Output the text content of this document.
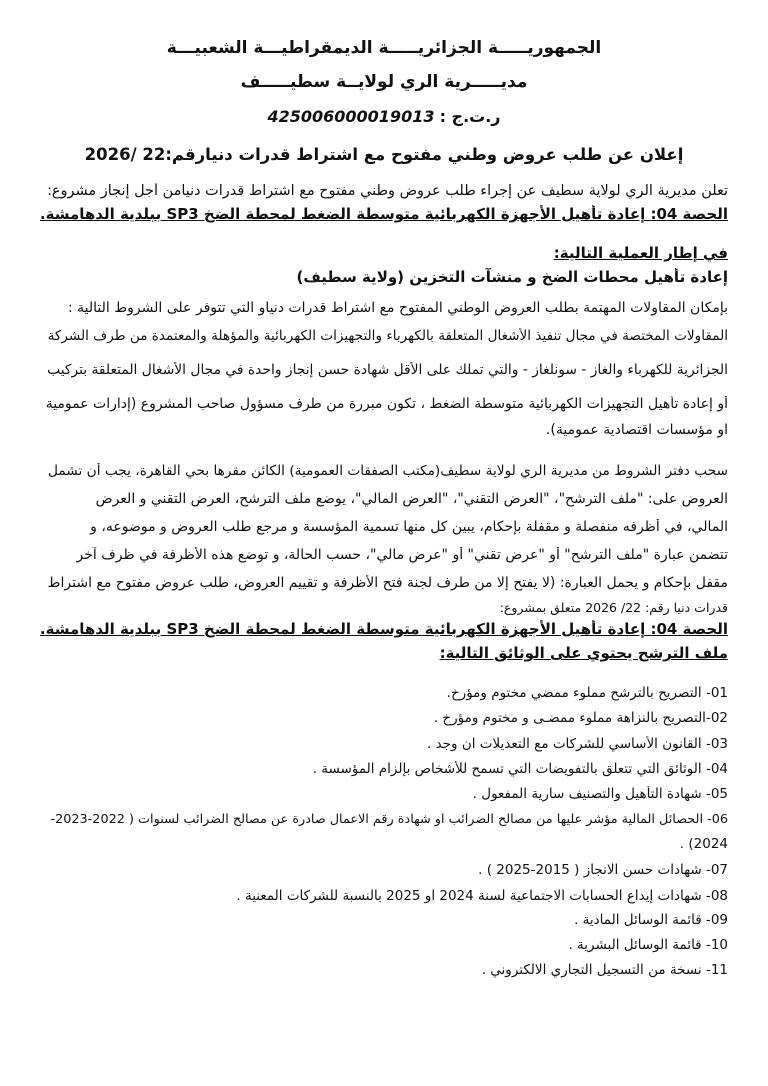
الجمهوريـــــة الجزائريـــــة الديمقراطيـــة الشعبيـــة
مديـــــرية الري لولايــة سطيـــــف
ر.ت.ج : 425006000019013
إعلان عن طلب عروض وطني مفتوح مع اشتراط قدرات دنيارقم:22 /2026
تعلن مديرية الري لولاية سطيف عن إجراء طلب عروض وطني مفتوح مع اشتراط قدرات دنيامن أجل إنجاز مشروع:
الحصة 04: إعادة تأهيل الأجهزة الكهربائية متوسطة الضغط لمحطة الضخ SP3 ببلدية الدهامشة.
في إطار العملية التالية:
إعادة تأهيل محطات الضخ و منشآت التخزين (ولاية سطيف)
بإمكان المقاولات المهتمة بطلب العروض الوطني المفتوح مع اشتراط قدرات دنياو التي تتوفر على الشروط التالية :
المقاولات المختصة في مجال تنفيذ الأشغال المتعلقة بالكهرباء والتجهيزات الكهربائية والمؤهلة والمعتمدة من طرف الشركة
الجزائرية للكهرباء والغاز - سونلغاز - والتي تملك على الأقل شهادة حسن إنجاز واحدة في مجال الأشغال المتعلقة بتركيب
أو إعادة تأهيل التجهيزات الكهربائية متوسطة الضغط ، تكون مبررة من طرف مسؤول صاحب المشروع (إدارات عمومية
او مؤسسات اقتصادية عمومية).
سحب دفتر الشروط من مديرية الري لولاية سطيف(مكتب الصفقات العمومية) الكائن مقرها بحي القاهرة، يجب أن تشمل
العروض على: "ملف الترشح"، "العرض التقني"، "العرض المالي"، يوضع ملف الترشح، العرض التقني و العرض
المالي، في أظرفه منفصلة و مقفلة بإحكام، يبين كل منها تسمية المؤسسة و مرجع طلب العروض و موضوعه، و
تتضمن عبارة "ملف الترشح" أو "عرض تقني" أو "عرض مالي"، حسب الحالة، و توضع هذه الأظرفة في ظرف آخر
مقفل بإحكام و يحمل العبارة: (لا يفتح إلا من طرف لجنة فتح الأظرفة و تقييم العروض، طلب عروض مفتوح مع اشتراط
قدرات دنيا رقم: 22/ 2026 متعلق بمشروع:
الحصة 04: إعادة تأهيل الأجهزة الكهربائية متوسطة الضغط لمحطة الضخ SP3 ببلدية الدهامشة.
ملف الترشح يحتوي على الوثائق التالية:
01- التصريح بالترشح مملوء ممضي مختوم ومؤرخ.
02-التصريح بالنزاهة مملوء ممضـى و مختوم ومؤرخ .
03- القانون الأساسي للشركات مع التعديلات ان وجد .
04- الوثائق التي تتعلق بالتفويضات التي تسمح للأشخاص بإلزام المؤسسة .
05- شهادة التأهيل والتصنيف سارية المفعول .
06- الحصائل المالية مؤشر عليها من مصالح الضرائب او شهادة رقم الاعمال صادرة عن مصالح الضرائب لسنوات ( 2022-2023-
2024) .
07- شهادات حسن الانجاز ( 2015-2025 ) .
08- شهادات إيداع الحسابات الاجتماعية لسنة 2024 او 2025 بالنسبة للشركات المعنية .
09- قائمة الوسائل المادية .
10- قائمة الوسائل البشرية .
11- نسخة من التسجيل التجاري الالكتروني .
